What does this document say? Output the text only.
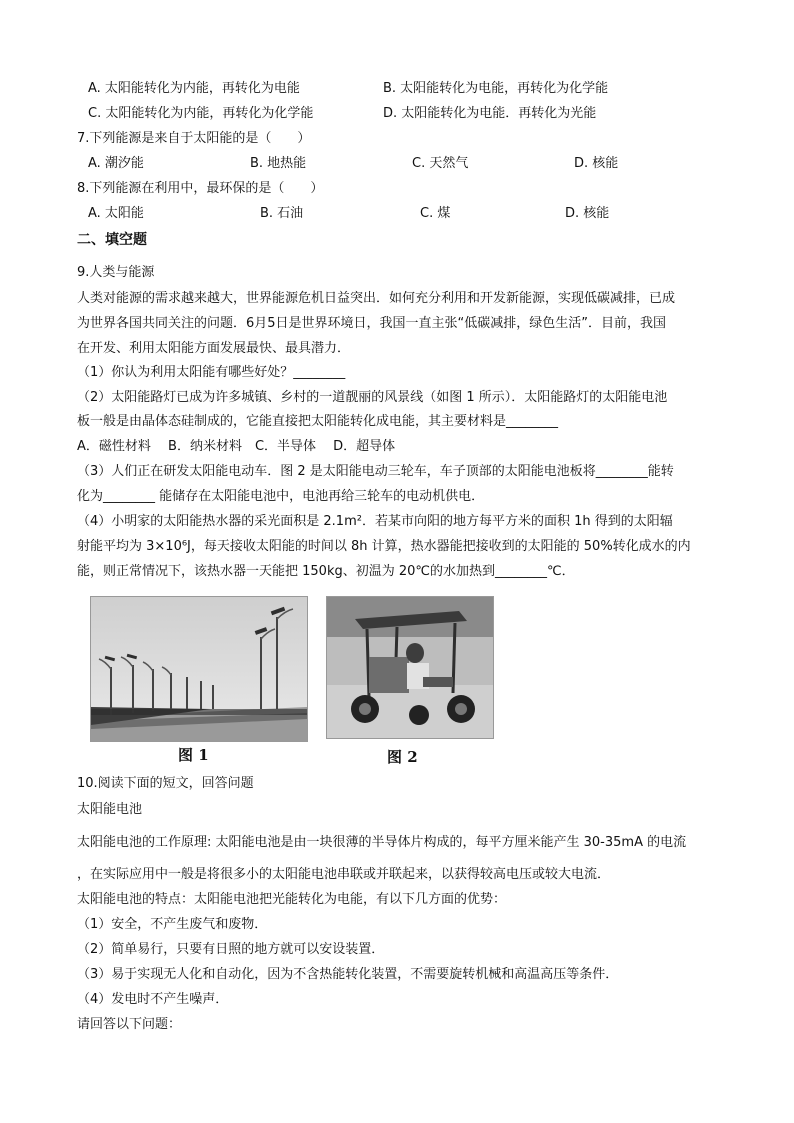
A. 太阳能转化为内能，再转化为电能	B. 太阳能转化为电能，再转化为化学能
C. 太阳能转化为内能，再转化为化学能	D. 太阳能转化为电能．再转化为光能
7.下列能源是来自于太阳能的是（　　）
A. 潮汐能	B. 地热能	C. 天然气	D. 核能
8.下列能源在利用中，最环保的是（　　）
A. 太阳能	B. 石油	C. 煤	D. 核能
二、填空题
9.人类与能源
人类对能源的需求越来越大，世界能源危机日益突出．如何充分利用和开发新能源，实现低碳减排，已成
为世界各国共同关注的问题．6月5日是世界环境日，我国一直主张“低碳减排，绿色生活”．目前，我国
在开发、利用太阳能方面发展最快、最具潜力．
（1）你认为利用太阳能有哪些好处？________
（2）太阳能路灯已成为许多城镇、乡村的一道靓丽的风景线（如图 1 所示）．太阳能路灯的太阳能电池
板一般是由晶体态硅制成的，它能直接把太阳能转化成电能，其主要材料是________
A．磁性材料　 B．纳米材料　C．半导体　 D．超导体
（3）人们正在研发太阳能电动车．图 2 是太阳能电动三轮车，车子顶部的太阳能电池板将________能转
化为________ 能储存在太阳能电池中，电池再给三轮车的电动机供电．
（4）小明家的太阳能热水器的采光面积是 2.1m²．若某市向阳的地方每平方米的面积 1h 得到的太阳辐
射能平均为 3×10⁶J，每天接收太阳能的时间以 8h 计算，热水器能把接收到的太阳能的 50%转化成水的内
能，则正常情况下，该热水器一天能把 150kg、初温为 20℃的水加热到________℃．
图 1	图 2
10.阅读下面的短文，回答问题
太阳能电池
太阳能电池的工作原理: 太阳能电池是由一块很薄的半导体片构成的，每平方厘米能产生 30-35mA 的电流
，在实际应用中一般是将很多小的太阳能电池串联或并联起来，以获得较高电压或较大电流．
太阳能电池的特点：太阳能电池把光能转化为电能，有以下几方面的优势：
（1）安全，不产生废气和废物．
（2）简单易行，只要有日照的地方就可以安设装置．
（3）易于实现无人化和自动化，因为不含热能转化装置，不需要旋转机械和高温高压等条件．
（4）发电时不产生噪声．
请回答以下问题：
